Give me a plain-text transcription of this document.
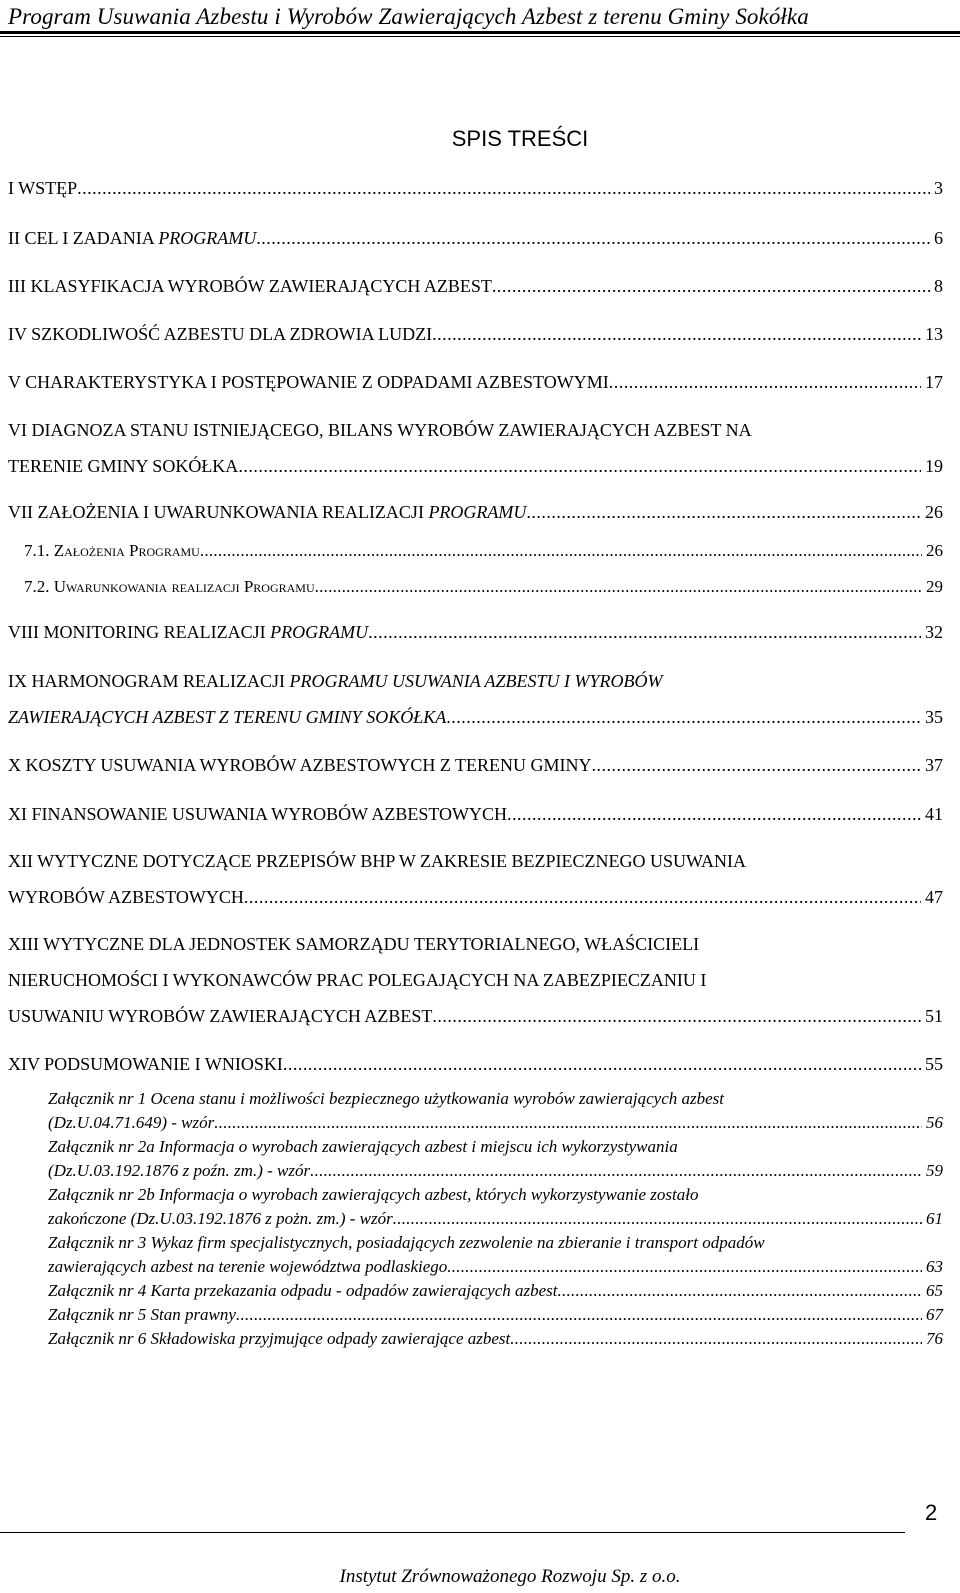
Program Usuwania Azbestu i Wyrobów Zawierających Azbest z terenu Gminy Sokółka
SPIS TREŚCI
I WSTĘP . . .	3
II CEL I ZADANIA PROGRAMU . . .	6
III KLASYFIKACJA WYROBÓW ZAWIERAJĄCYCH AZBEST . . .	8
IV SZKODLIWOŚĆ AZBESTU DLA ZDROWIA LUDZI . . .	13
V CHARAKTERYSTYKA I POSTĘPOWANIE Z ODPADAMI AZBESTOWYMI . . .	17
VI DIAGNOZA STANU ISTNIEJĄCEGO, BILANS WYROBÓW ZAWIERAJĄCYCH AZBEST NA
TERENIE GMINY SOKÓŁKA . . .	19
VII ZAŁOŻENIA I UWARUNKOWANIA REALIZACJI PROGRAMU . . .	26
7.1. Założenia Programu . . .	26
7.2. Uwarunkowania realizacji Programu . . .	29
VIII MONITORING REALIZACJI PROGRAMU . . .	32
IX HARMONOGRAM REALIZACJI PROGRAMU USUWANIA AZBESTU I WYROBÓW
ZAWIERAJĄCYCH AZBEST Z TERENU GMINY SOKÓŁKA . . .	35
X KOSZTY USUWANIA WYROBÓW AZBESTOWYCH Z TERENU GMINY . . .	37
XI FINANSOWANIE USUWANIA WYROBÓW AZBESTOWYCH . . .	41
XII WYTYCZNE DOTYCZĄCE PRZEPISÓW BHP W ZAKRESIE BEZPIECZNEGO USUWANIA
WYROBÓW AZBESTOWYCH . . .	47
XIII WYTYCZNE DLA JEDNOSTEK SAMORZĄDU TERYTORIALNEGO, WŁAŚCICIELI
NIERUCHOMOŚCI I WYKONAWCÓW PRAC POLEGAJĄCYCH NA ZABEZPIECZANIU I
USUWANIU WYROBÓW ZAWIERAJĄCYCH AZBEST . . .	51
XIV PODSUMOWANIE I WNIOSKI . . .	55
Załącznik nr 1 Ocena stanu i możliwości bezpiecznego użytkowania wyrobów zawierających azbest
(Dz.U.04.71.649) - wzór . . .	56
Załącznik nr 2a Informacja o wyrobach zawierających azbest i miejscu ich wykorzystywania
(Dz.U.03.192.1876 z poźn. zm.) - wzór . . .	59
Załącznik nr 2b Informacja o wyrobach zawierających azbest, których wykorzystywanie zostało
zakończone (Dz.U.03.192.1876 z pożn. zm.) - wzór . . .	61
Załącznik nr 3 Wykaz firm specjalistycznych, posiadających zezwolenie na zbieranie i transport odpadów
zawierających azbest na terenie województwa podlaskiego . . .	63
Załącznik nr 4 Karta przekazania odpadu - odpadów zawierających azbest . . .	65
Załącznik nr 5 Stan prawny . . .	67
Załącznik nr 6 Składowiska przyjmujące odpady zawierające azbest . . .	76
2
Instytut Zrównoważonego Rozwoju Sp. z o.o.
